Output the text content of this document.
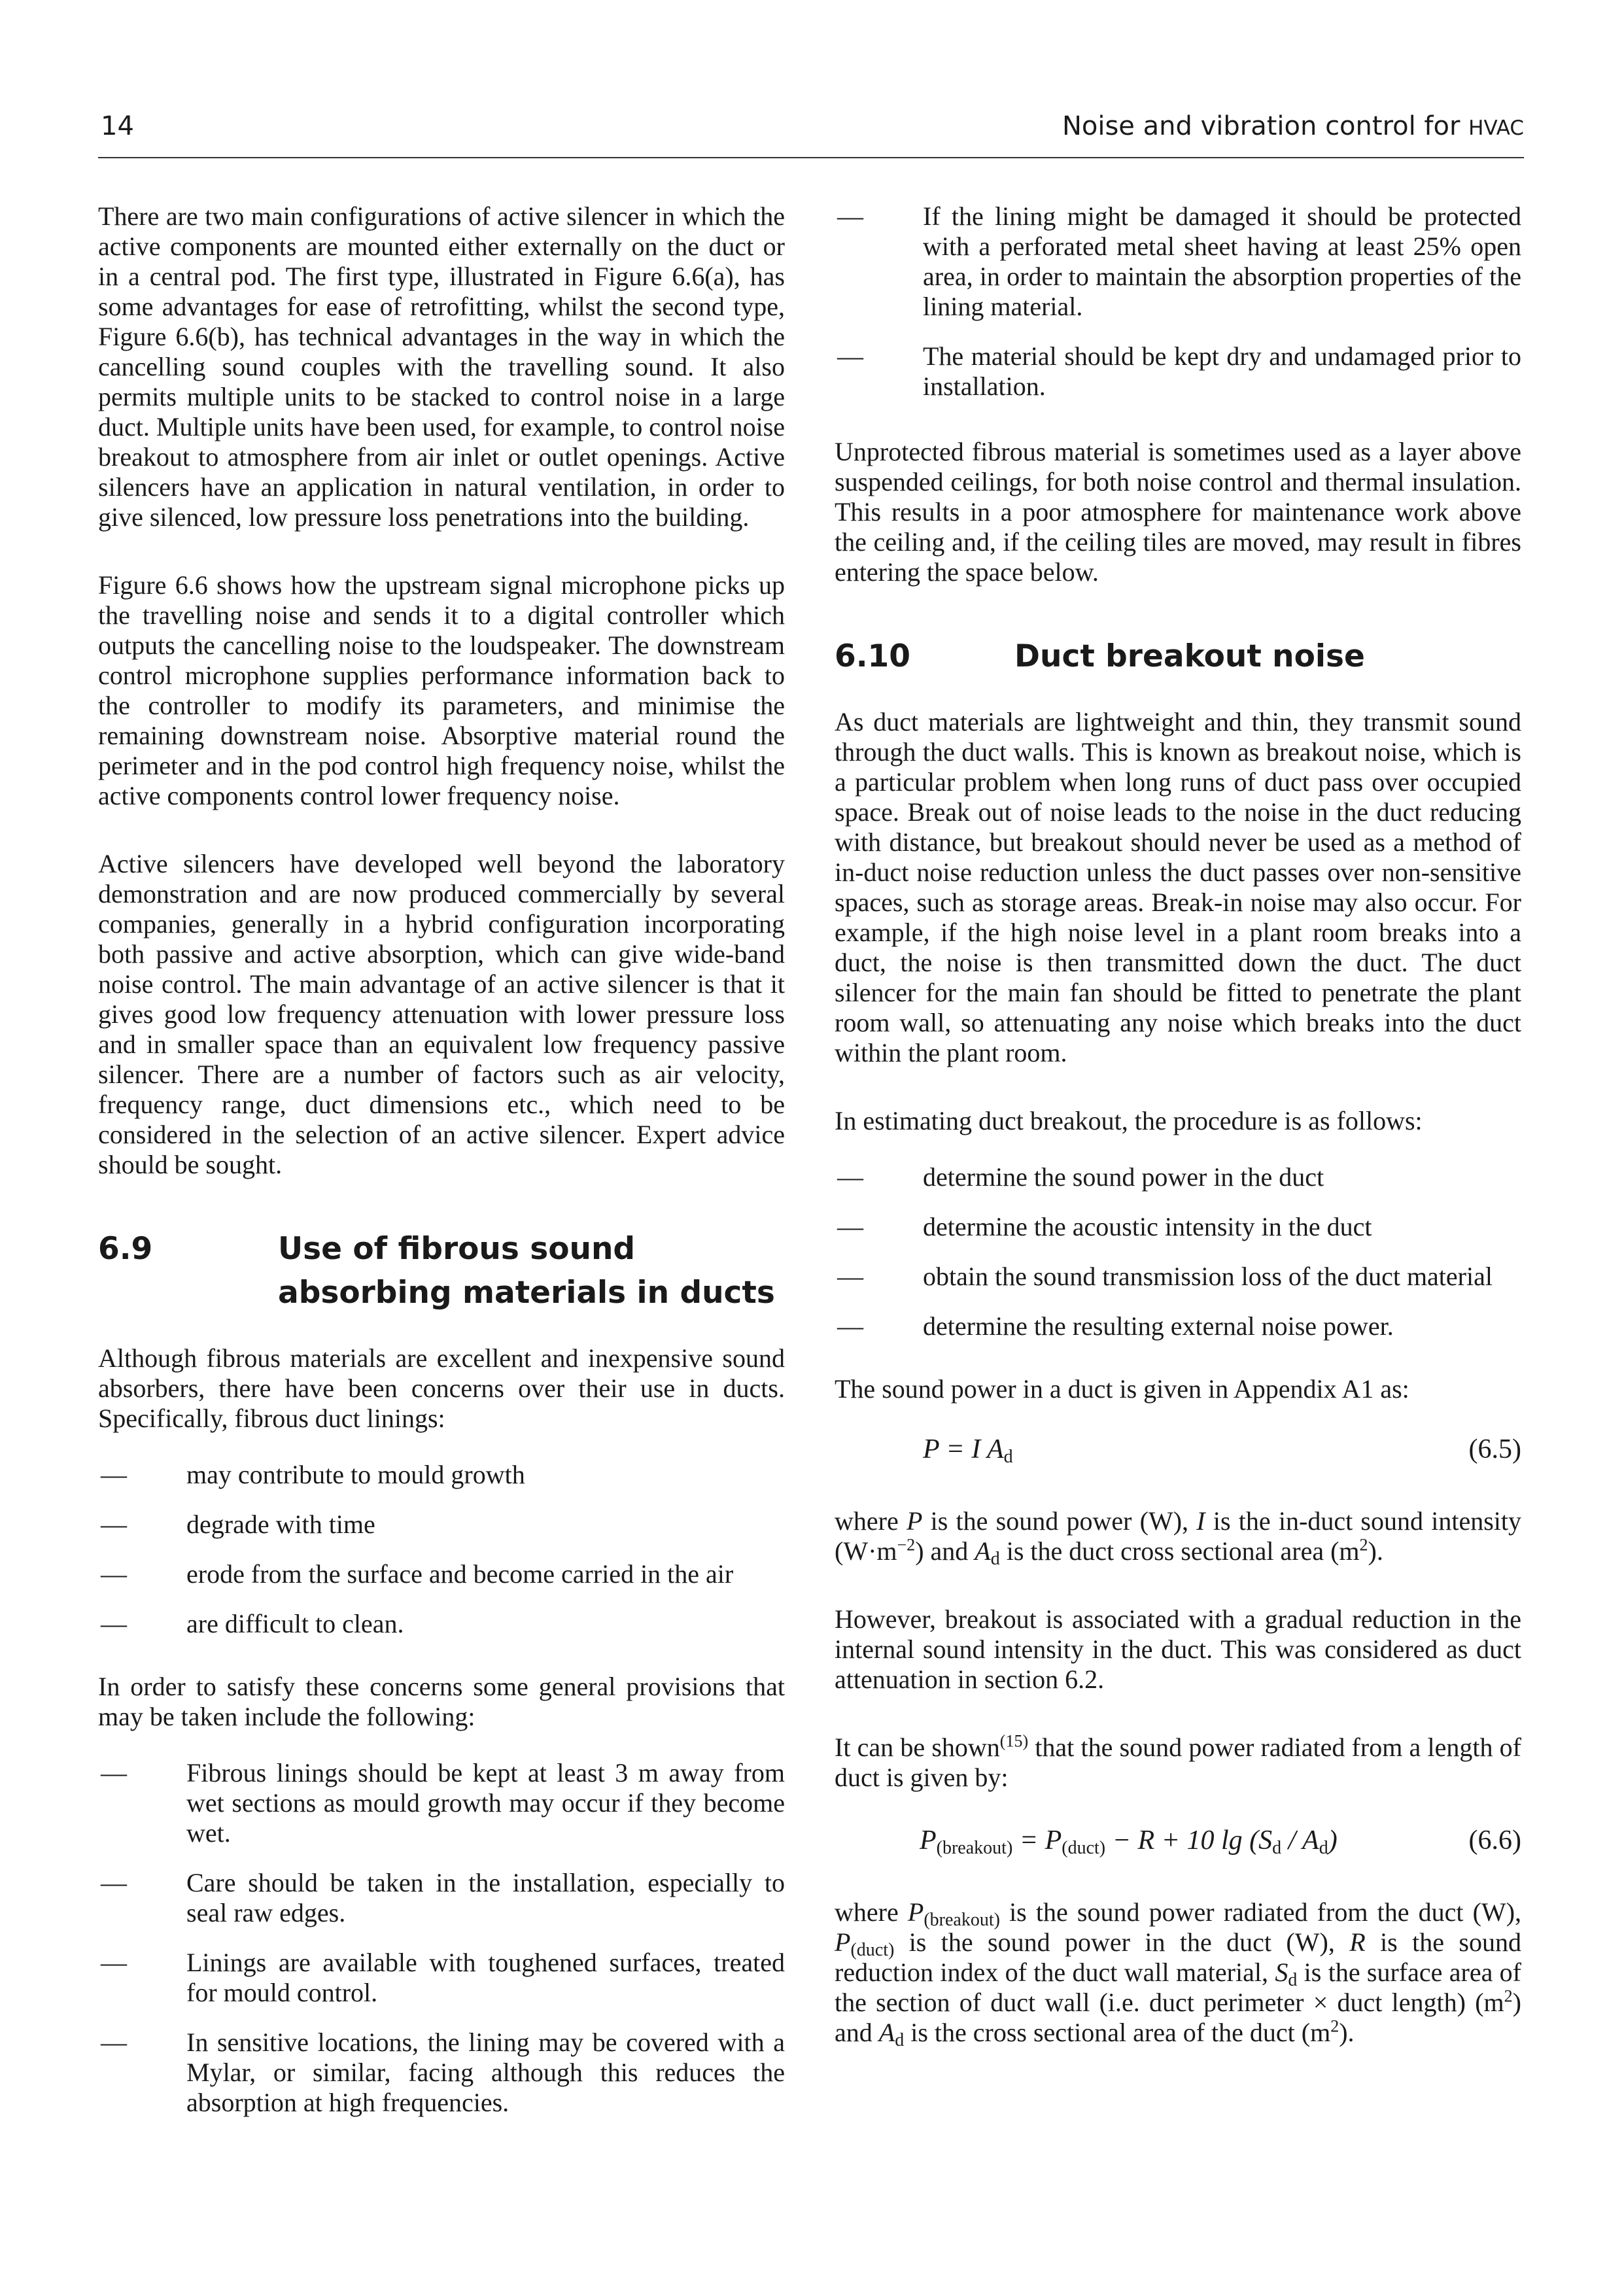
14	Noise and vibration control for HVAC

There are two main configurations of active silencer in which the active components are mounted either externally on the duct or in a central pod. The first type, illustrated in Figure 6.6(a), has some advantages for ease of retrofitting, whilst the second type, Figure 6.6(b), has technical advantages in the way in which the cancelling sound couples with the travelling sound. It also permits multiple units to be stacked to control noise in a large duct. Multiple units have been used, for example, to control noise breakout to atmosphere from air inlet or outlet openings. Active silencers have an application in natural ventilation, in order to give silenced, low pressure loss penetrations into the building.

Figure 6.6 shows how the upstream signal microphone picks up the travelling noise and sends it to a digital controller which outputs the cancelling noise to the loudspeaker. The downstream control microphone supplies performance information back to the controller to modify its parameters, and minimise the remaining downstream noise. Absorptive material round the perimeter and in the pod control high frequency noise, whilst the active components control lower frequency noise.

Active silencers have developed well beyond the laboratory demonstration and are now produced commercially by several companies, generally in a hybrid configuration incorporating both passive and active absorption, which can give wide-band noise control. The main advantage of an active silencer is that it gives good low frequency attenuation with lower pressure loss and in smaller space than an equivalent low frequency passive silencer. There are a number of factors such as air velocity, frequency range, duct dimensions etc., which need to be considered in the selection of an active silencer. Expert advice should be sought.

6.9	Use of fibrous sound absorbing materials in ducts

Although fibrous materials are excellent and inexpensive sound absorbers, there have been concerns over their use in ducts. Specifically, fibrous duct linings:

—	may contribute to mould growth
—	degrade with time
—	erode from the surface and become carried in the air
—	are difficult to clean.

In order to satisfy these concerns some general provisions that may be taken include the following:

—	Fibrous linings should be kept at least 3 m away from wet sections as mould growth may occur if they become wet.
—	Care should be taken in the installation, especially to seal raw edges.
—	Linings are available with toughened surfaces, treated for mould control.
—	In sensitive locations, the lining may be covered with a Mylar, or similar, facing although this reduces the absorption at high frequencies.
—	If the lining might be damaged it should be protected with a perforated metal sheet having at least 25% open area, in order to maintain the absorption properties of the lining material.
—	The material should be kept dry and undamaged prior to installation.

Unprotected fibrous material is sometimes used as a layer above suspended ceilings, for both noise control and thermal insulation. This results in a poor atmosphere for maintenance work above the ceiling and, if the ceiling tiles are moved, may result in fibres entering the space below.

6.10	Duct breakout noise

As duct materials are lightweight and thin, they transmit sound through the duct walls. This is known as breakout noise, which is a particular problem when long runs of duct pass over occupied space. Break out of noise leads to the noise in the duct reducing with distance, but breakout should never be used as a method of in-duct noise reduction unless the duct passes over non-sensitive spaces, such as storage areas. Break-in noise may also occur. For example, if the high noise level in a plant room breaks into a duct, the noise is then transmitted down the duct. The duct silencer for the main fan should be fitted to penetrate the plant room wall, so attenuating any noise which breaks into the duct within the plant room.

In estimating duct breakout, the procedure is as follows:

—	determine the sound power in the duct
—	determine the acoustic intensity in the duct
—	obtain the sound transmission loss of the duct material
—	determine the resulting external noise power.

The sound power in a duct is given in Appendix A1 as:

P = I $A_d$	(6.5)

where P is the sound power (W), I is the in-duct sound intensity $(W\cdot m^{-2})$ and $A_d$ is the duct cross sectional area $(m^2)$.

However, breakout is associated with a gradual reduction in the internal sound intensity in the duct. This was considered as duct attenuation in section 6.2.

It can be shown$^{(15)}$ that the sound power radiated from a length of duct is given by:

$P_{(breakout)} = P_{(duct)} - R + 10$ $\lg (S_d / A_d)$	(6.6)

where $P_{(breakout)}$ is the sound power radiated from the duct (W), $P_{(duct)}$ is the sound power in the duct (W), R is the sound reduction index of the duct wall material, $S_d$ is the surface area of the section of duct wall (i.e. duct perimeter × duct length) $(m^2)$ and $A_d$ is the cross sectional area of the duct $(m^2)$.
